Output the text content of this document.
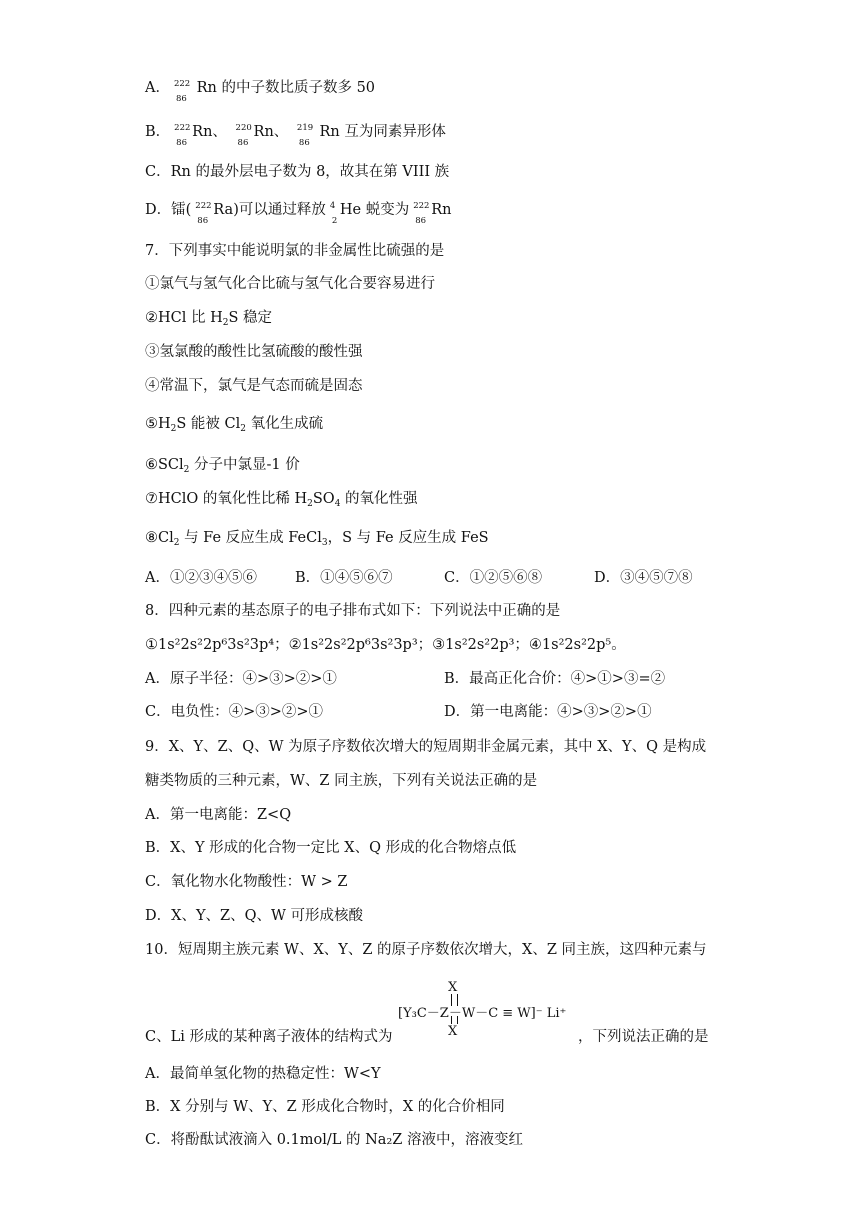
A． 222
86
Rn 的中子数比质子数多 50
B． 222
86
Rn、 220
86
Rn、 219
86
Rn 互为同素异形体
C．Rn 的最外层电子数为 8，故其在第 VIII 族
D．镭( 222
86
Ra)可以通过释放 4
2
He 蜕变为 222
86
Rn
7．下列事实中能说明氯的非金属性比硫强的是
①氯气与氢气化合比硫与氢气化合要容易进行
②HCl 比 $H_2S$ 稳定
③氢氯酸的酸性比氢硫酸的酸性强
④常温下，氯气是气态而硫是固态
$⑤H_2S$ 能被 $Cl_2$ 氧化生成硫
⑥SCl$_2$ 分子中氯显-1 价
⑦HClO 的氧化性比稀 $H_2SO_4$ 的氧化性强
$⑧Cl_2$ 与 Fe 反应生成 FeCl$_3$，S 与 Fe 反应生成 FeS
A．①②③④⑤⑥	B．①④⑤⑥⑦	C．①②⑤⑥⑧	D．③④⑤⑦⑧
8．四种元素的基态原子的电子排布式如下：下列说法中正确的是
①1s²2s²2p⁶3s²3p⁴；②1s²2s²2p⁶3s²3p³；③1s²2s²2p³；④1s²2s²2p⁵。
A．原子半径：④>③>②>①	B．最高正化合价：④>①>③=②
C．电负性：④>③>②>①	D．第一电离能：④>③>②>①
9．X、Y、Z、Q、W 为原子序数依次增大的短周期非金属元素，其中 X、Y、Q 是构成
糖类物质的三种元素，W、Z 同主族，下列有关说法正确的是
A．第一电离能：Z<Q
B．X、Y 形成的化合物一定比 X、Q 形成的化合物熔点低
C．氧化物水化物酸性：W > Z
D．X、Y、Z、Q、W 可形成核酸
10．短周期主族元素 W、X、Y、Z 的原子序数依次增大，X、Z 同主族，这四种元素与
X
[Y₃C－Z－W－C ≡ W]⁻ Li⁺
X
C、Li 形成的某种离子液体的结构式为	，下列说法正确的是
A．最简单氢化物的热稳定性：W<Y
B．X 分别与 W、Y、Z 形成化合物时，X 的化合价相同
C．将酚酞试液滴入 0.1mol/L 的 Na₂Z 溶液中，溶液变红
